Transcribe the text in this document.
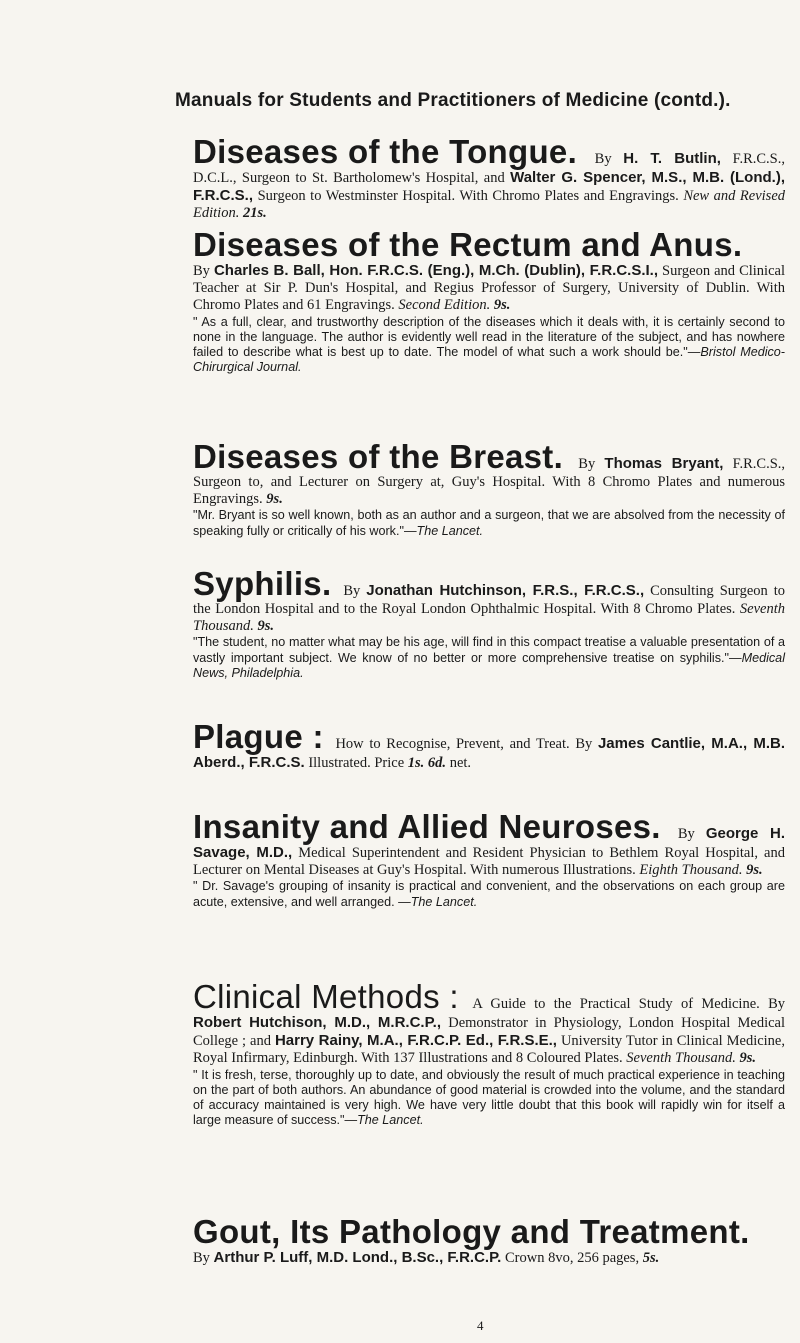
Manuals for Students and Practitioners of Medicine (contd.).

Diseases of the Tongue. By H. T. Butlin, F.R.C.S., D.C.L., Surgeon to St. Bartholomew's Hospital, and Walter G. Spencer, M.S., M.B. (Lond.), F.R.C.S., Surgeon to Westminster Hospital. With Chromo Plates and Engravings. New and Revised Edition. 21s.

Diseases of the Rectum and Anus.
By Charles B. Ball, Hon. F.R.C.S. (Eng.), M.Ch. (Dublin), F.R.C.S.I., Surgeon and Clinical Teacher at Sir P. Dun's Hospital, and Regius Professor of Surgery, University of Dublin. With Chromo Plates and 61 Engravings. Second Edition. 9s.

" As a full, clear, and trustworthy description of the diseases which it deals with, it is certainly second to none in the language. The author is evidently well read in the literature of the subject, and has nowhere failed to describe what is best up to date. The model of what such a work should be."—Bristol Medico-Chirurgical Journal.

Diseases of the Breast. By Thomas Bryant, F.R.C.S., Surgeon to, and Lecturer on Surgery at, Guy's Hospital. With 8 Chromo Plates and numerous Engravings. 9s.

"Mr. Bryant is so well known, both as an author and a surgeon, that we are absolved from the necessity of speaking fully or critically of his work."—The Lancet.

Syphilis. By Jonathan Hutchinson, F.R.S., F.R.C.S., Consulting Surgeon to the London Hospital and to the Royal London Ophthalmic Hospital. With 8 Chromo Plates. Seventh Thousand. 9s.

"The student, no matter what may be his age, will find in this compact treatise a valuable presentation of a vastly important subject. We know of no better or more comprehensive treatise on syphilis."—Medical News, Philadelphia.

Plague : How to Recognise, Prevent, and Treat. By James Cantlie, M.A., M.B. Aberd., F.R.C.S. Illustrated. Price 1s. 6d. net.

Insanity and Allied Neuroses. By George H. Savage, M.D., Medical Superintendent and Resident Physician to Bethlem Royal Hospital, and Lecturer on Mental Diseases at Guy's Hospital. With numerous Illustrations. Eighth Thousand. 9s.

" Dr. Savage's grouping of insanity is practical and convenient, and the observations on each group are acute, extensive, and well arranged. —The Lancet.

Clinical Methods : A Guide to the Practical Study of Medicine. By Robert Hutchison, M.D., M.R.C.P., Demonstrator in Physiology, London Hospital Medical College ; and Harry Rainy, M.A., F.R.C.P. Ed., F.R.S.E., University Tutor in Clinical Medicine, Royal Infirmary, Edinburgh. With 137 Illustrations and 8 Coloured Plates. Seventh Thousand. 9s.

" It is fresh, terse, thoroughly up to date, and obviously the result of much practical experience in teaching on the part of both authors. An abundance of good material is crowded into the volume, and the standard of accuracy maintained is very high. We have very little doubt that this book will rapidly win for itself a large measure of success."—The Lancet.

Gout, Its Pathology and Treatment.
By Arthur P. Luff, M.D. Lond., B.Sc., F.R.C.P. Crown 8vo, 256 pages, 5s.

4
